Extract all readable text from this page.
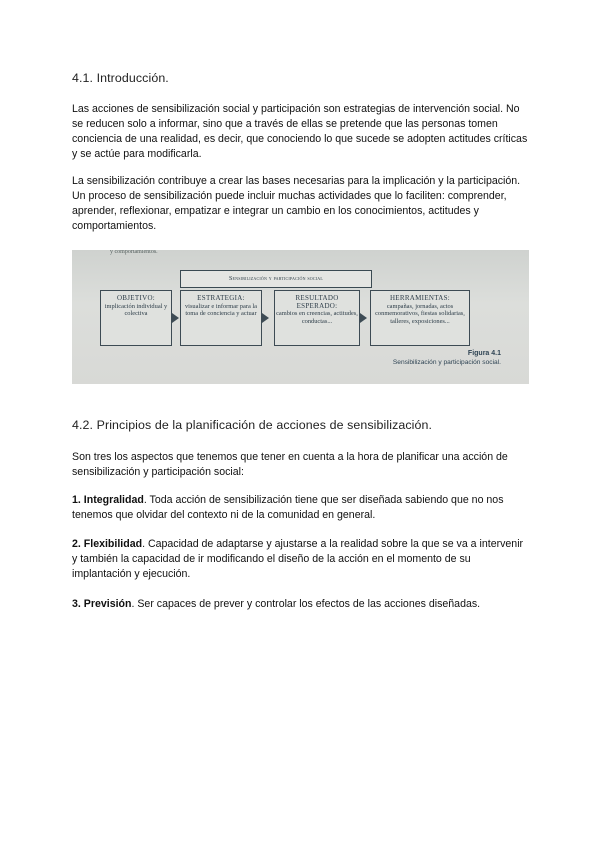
4.1. Introducción.

Las acciones de sensibilización social y participación son estrategias de intervención social. No se reducen solo a informar, sino que a través de ellas se pretende que las personas tomen conciencia de una realidad, es decir, que conociendo lo que sucede se adopten actitudes críticas y se actúe para modificarla.

La sensibilización contribuye a crear las bases necesarias para la implicación y la participación. Un proceso de sensibilización puede incluir muchas actividades que lo faciliten: comprender, aprender, reflexionar, empatizar e integrar un cambio en los conocimientos, actitudes y comportamientos.

y comportamientos.
Sensibilización y participación social
OBJETIVO:
implicación individual y colectiva
ESTRATEGIA:
visualizar e informar para la toma de conciencia y actuar
RESULTADO ESPERADO:
cambios en creencias, actitudes, conductas...
HERRAMIENTAS:
campañas, jornadas, actos conmemorativos, fiestas solidarias, talleres, exposiciones...
Figura 4.1
Sensibilización y participación social.
4.2. Principios de la planificación de acciones de sensibilización.

Son tres los aspectos que tenemos que tener en cuenta a la hora de planificar una acción de sensibilización y participación social:

1. Integralidad. Toda acción de sensibilización tiene que ser diseñada sabiendo que no nos tenemos que olvidar del contexto ni de la comunidad en general.

2. Flexibilidad. Capacidad de adaptarse y ajustarse a la realidad sobre la que se va a intervenir y también la capacidad de ir modificando el diseño de la acción en el momento de su implantación y ejecución.

3. Previsión. Ser capaces de prever y controlar los efectos de las acciones diseñadas.
